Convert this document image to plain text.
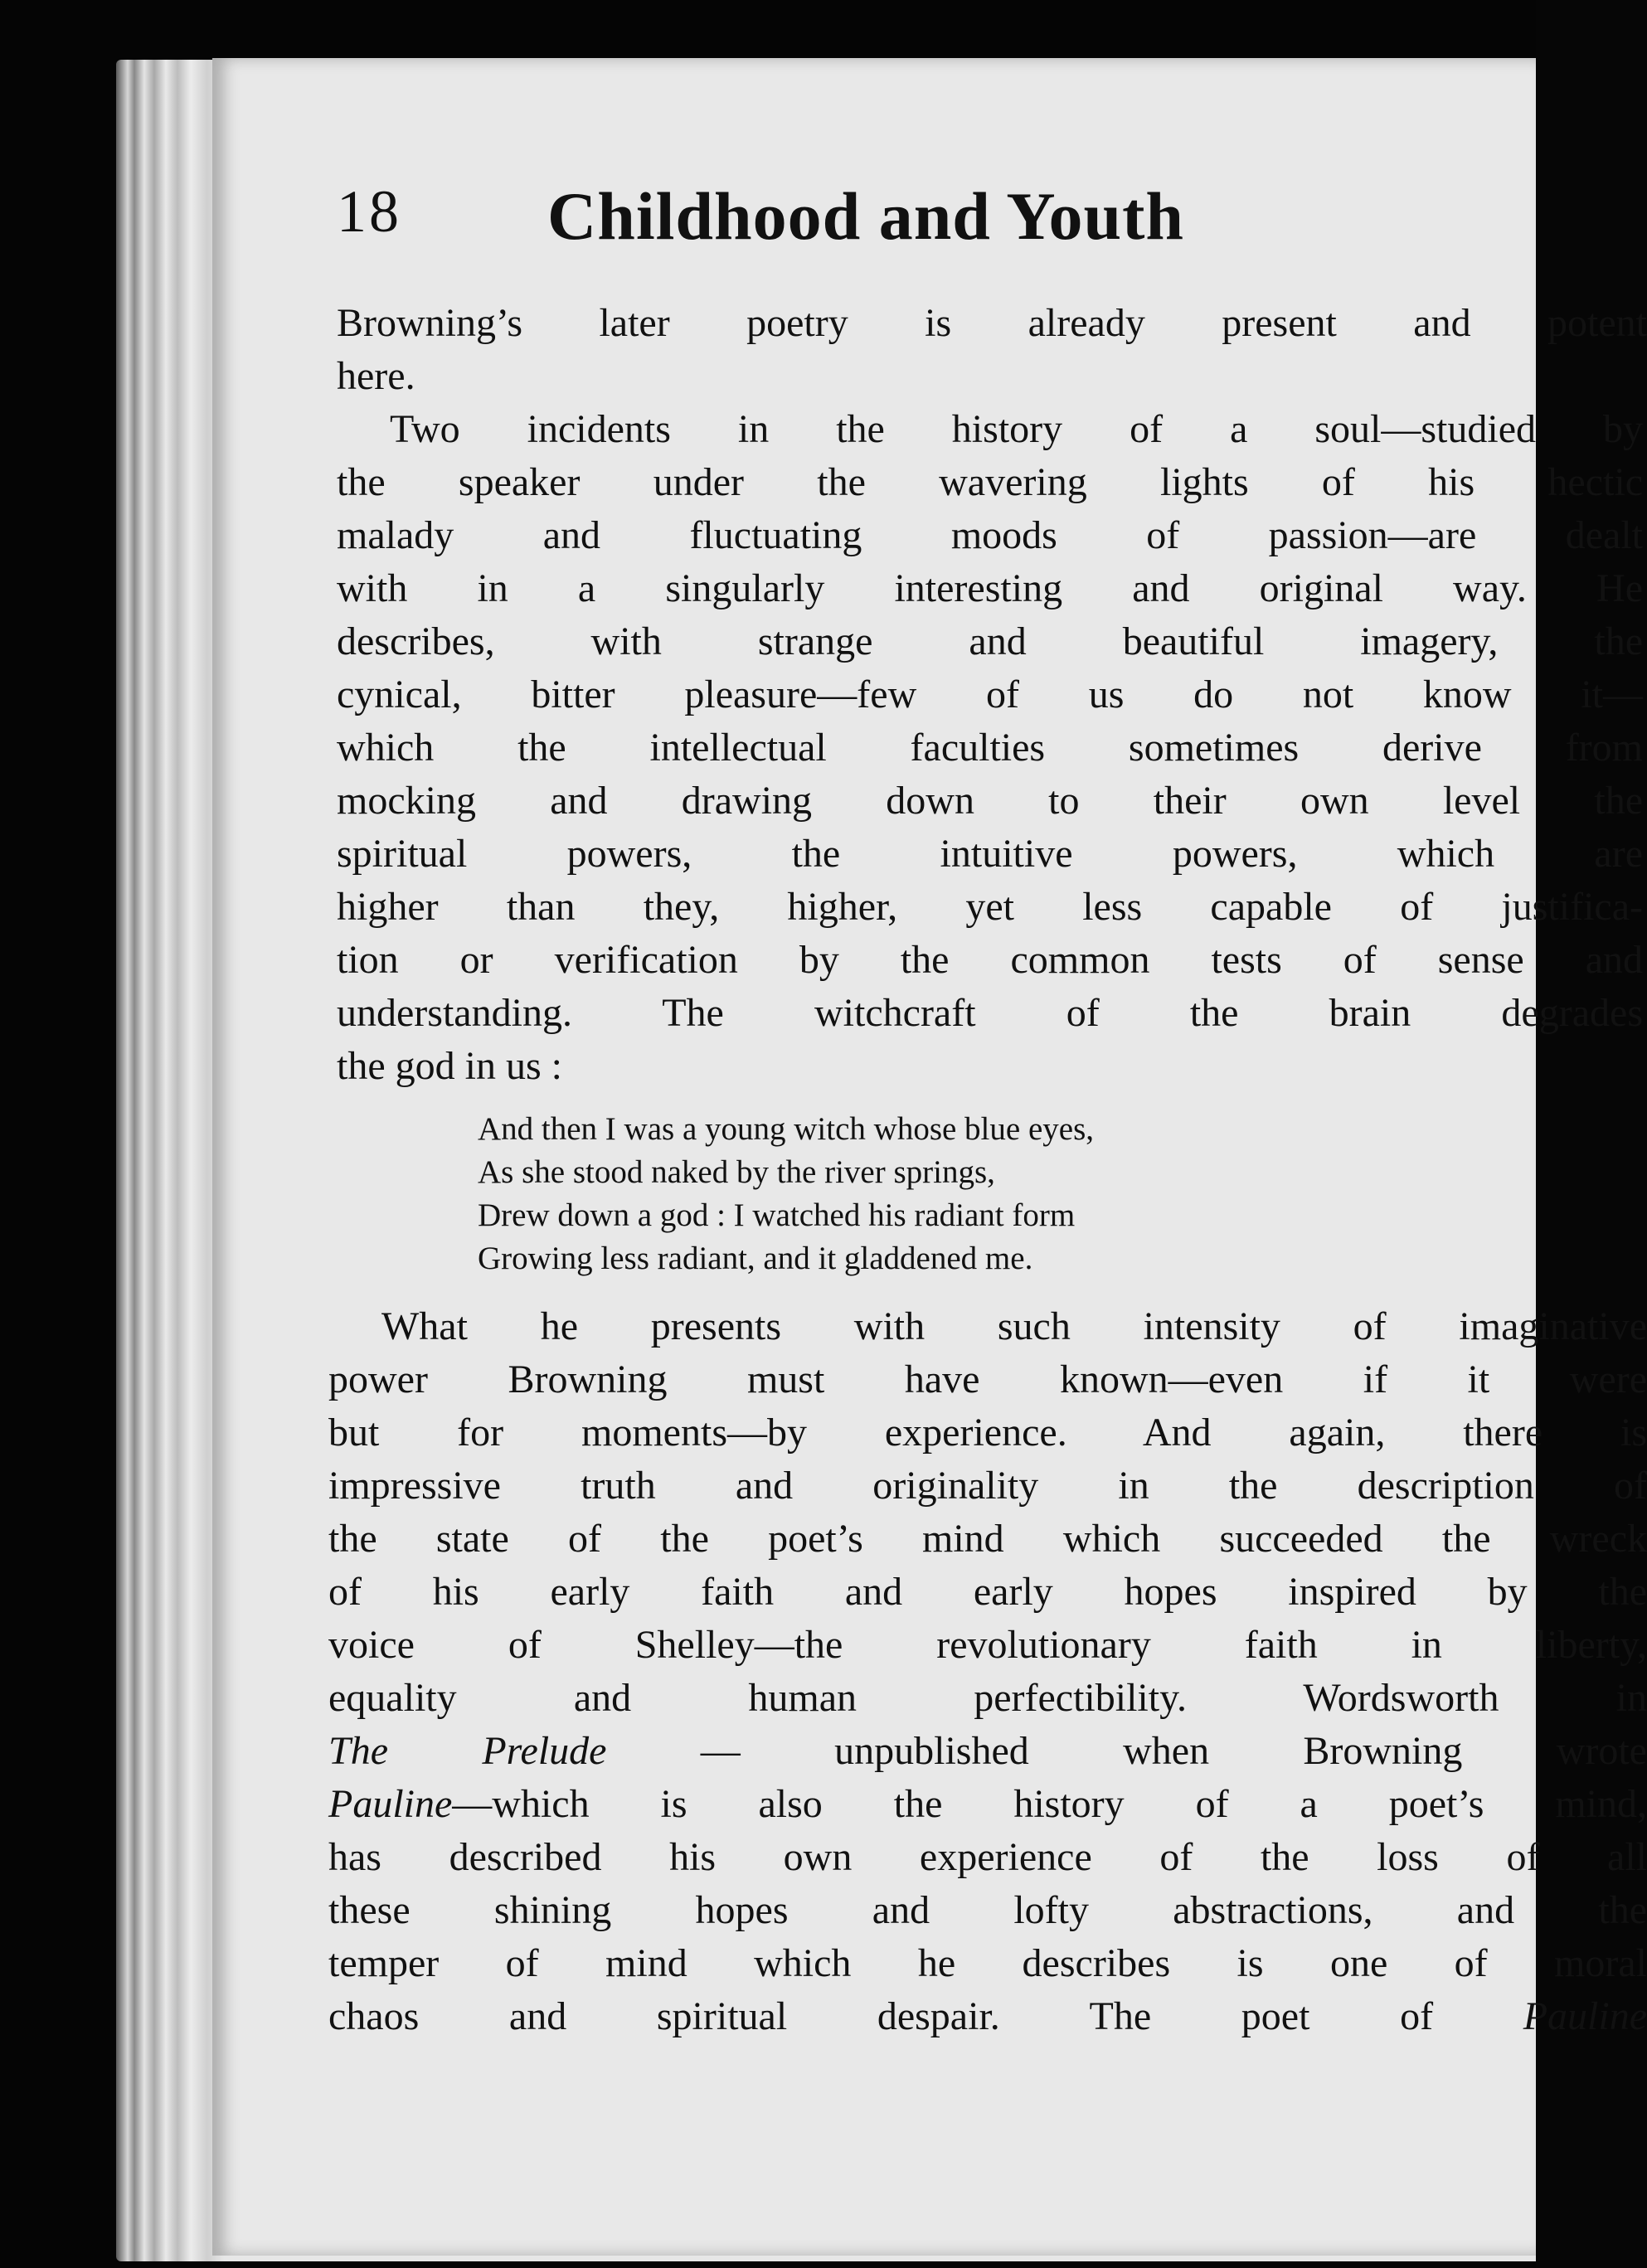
18 Childhood and Youth

Browning’s later poetry is already present and potent
here.

Two incidents in the history of a soul—studied by
the speaker under the wavering lights of his hectic
malady and fluctuating moods of passion—are dealt
with in a singularly interesting and original way. He
describes, with strange and beautiful imagery, the
cynical, bitter pleasure—few of us do not know it—
which the intellectual faculties sometimes derive from
mocking and drawing down to their own level the
spiritual powers, the intuitive powers, which are
higher than they, higher, yet less capable of justifica-
tion or verification by the common tests of sense and
understanding. The witchcraft of the brain degrades
the god in us :

And then I was a young witch whose blue eyes,
As she stood naked by the river springs,
Drew down a god : I watched his radiant form
Growing less radiant, and it gladdened me.

What he presents with such intensity of imaginative
power Browning must have known—even if it were
but for moments—by experience. And again, there is
impressive truth and originality in the description of
the state of the poet’s mind which succeeded the wreck
of his early faith and early hopes inspired by the
voice of Shelley—the revolutionary faith in liberty,
equality and human perfectibility. Wordsworth in
The Prelude — unpublished when Browning wrote
Pauline—which is also the history of a poet’s mind,
has described his own experience of the loss of all
these shining hopes and lofty abstractions, and the
temper of mind which he describes is one of moral
chaos and spiritual despair. The poet of Pauline
